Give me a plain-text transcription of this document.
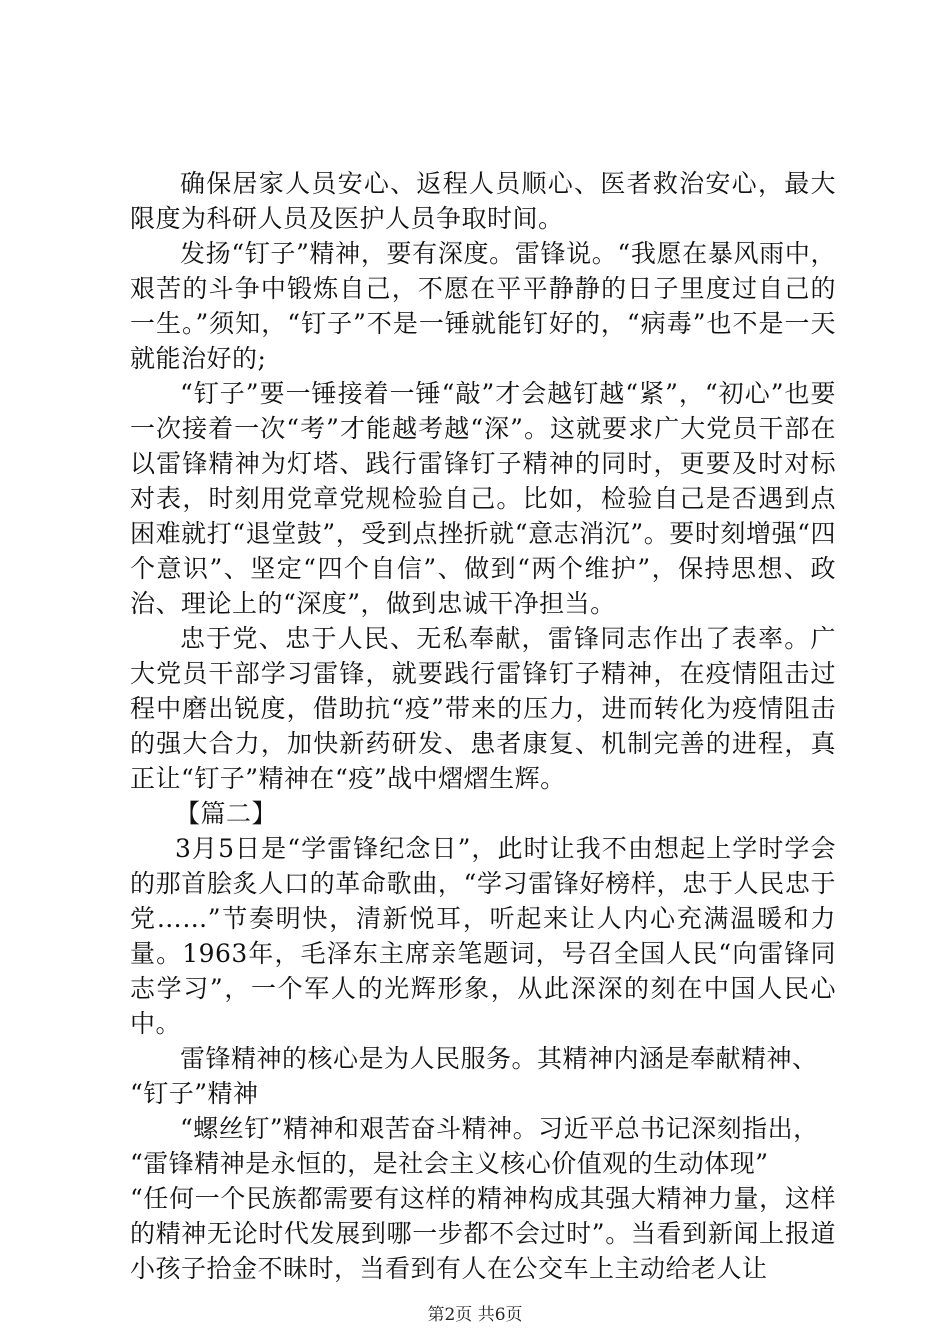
确保居家人员安心、返程人员顺心、医者救治安心，最大限度为科研人员及医护人员争取时间。

发扬“钉子”精神，要有深度。雷锋说。“我愿在暴风雨中，艰苦的斗争中锻炼自己，不愿在平平静静的日子里度过自己的一生。”须知，“钉子”不是一锤就能钉好的，“病毒”也不是一天就能治好的;

“钉子”要一锤接着一锤“敲”才会越钉越“紧”，“初心”也要一次接着一次“考”才能越考越“深”。这就要求广大党员干部在以雷锋精神为灯塔、践行雷锋钉子精神的同时，更要及时对标对表，时刻用党章党规检验自己。比如，检验自己是否遇到点困难就打“退堂鼓”，受到点挫折就“意志消沉”。要时刻增强“四个意识”、坚定“四个自信”、做到“两个维护”，保持思想、政治、理论上的“深度”，做到忠诚干净担当。

忠于党、忠于人民、无私奉献，雷锋同志作出了表率。广大党员干部学习雷锋，就要践行雷锋钉子精神，在疫情阻击过程中磨出锐度，借助抗“疫”带来的压力，进而转化为疫情阻击的强大合力，加快新药研发、患者康复、机制完善的进程，真正让“钉子”精神在“疫”战中熠熠生辉。

【篇二】

3月5日是“学雷锋纪念日”，此时让我不由想起上学时学会的那首脍炙人口的革命歌曲，“学习雷锋好榜样，忠于人民忠于党……”节奏明快，清新悦耳，听起来让人内心充满温暖和力量。1963年，毛泽东主席亲笔题词，号召全国人民“向雷锋同志学习”，一个军人的光辉形象，从此深深的刻在中国人民心中。

雷锋精神的核心是为人民服务。其精神内涵是奉献精神、

“钉子”精神

“螺丝钉”精神和艰苦奋斗精神。习近平总书记深刻指出，

“雷锋精神是永恒的，是社会主义核心价值观的生动体现”

“任何一个民族都需要有这样的精神构成其强大精神力量，这样的精神无论时代发展到哪一步都不会过时”。当看到新闻上报道小孩子拾金不昧时，当看到有人在公交车上主动给老人让

第2页 共6页
